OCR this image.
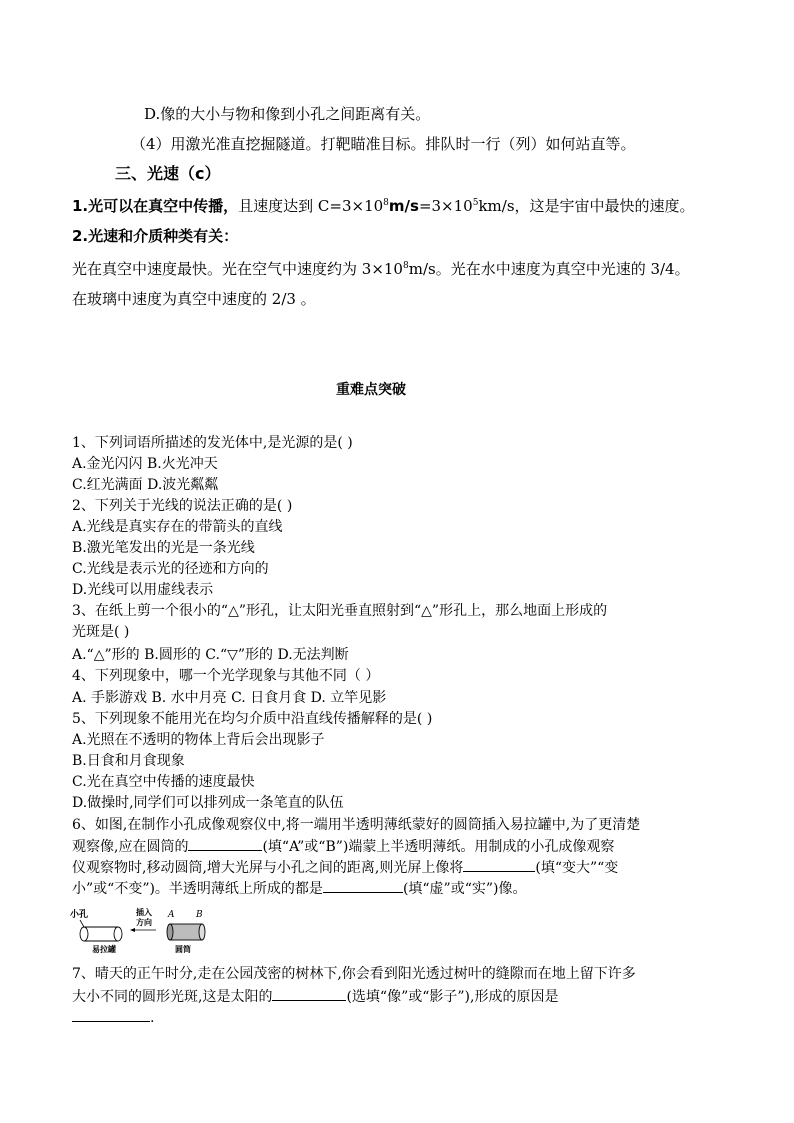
D.像的大小与物和像到小孔之间距离有关。
（4）用激光准直挖掘隧道。打靶瞄准目标。排队时一行（列）如何站直等。
三、光速（c）
1.光可以在真空中传播，且速度达到 $C=3\times 10^8m/s=3\times 10^5km/s$，这是宇宙中最快的速度。
2.光速和介质种类有关：
光在真空中速度最快。光在空气中速度约为 $3\times 10^8m/s$。光在水中速度为真空中光速的 3/4。
在玻璃中速度为真空中速度的 2/3 。
重难点突破
1、下列词语所描述的发光体中,是光源的是( )
A.金光闪闪 B.火光冲天
C.红光满面 D.波光粼粼
2、下列关于光线的说法正确的是( )
A.光线是真实存在的带箭头的直线
B.激光笔发出的光是一条光线
C.光线是表示光的径迹和方向的
D.光线可以用虚线表示
3、在纸上剪一个很小的“△”形孔，让太阳光垂直照射到“△”形孔上，那么地面上形成的
光斑是( )
A.“△”形的 B.圆形的 C.“▽”形的 D.无法判断
4、下列现象中，哪一个光学现象与其他不同（ ）
A. 手影游戏 B. 水中月亮 C. 日食月食 D. 立竿见影
5、下列现象不能用光在均匀介质中沿直线传播解释的是( )
A.光照在不透明的物体上背后会出现影子
B.日食和月食现象
C.光在真空中传播的速度最快
D.做操时,同学们可以排列成一条笔直的队伍
6、如图,在制作小孔成像观察仪中,将一端用半透明薄纸蒙好的圆筒插入易拉罐中,为了更清楚
观察像,应在圆筒的	(填“A”或“B”)端蒙上半透明薄纸。用制成的小孔成像观察
仪观察物时,移动圆筒,增大光屏与小孔之间的距离,则光屏上像将	(填“变大”“变
小”或“不变”)。半透明薄纸上所成的都是	(填“虚”或“实”)像。
小孔	插入
方向
A B
易拉罐	圆筒
7、晴天的正午时分,走在公园茂密的树林下,你会看到阳光透过树叶的缝隙而在地上留下许多
大小不同的圆形光斑,这是太阳的	(选填“像”或“影子”),形成的原因是
.
